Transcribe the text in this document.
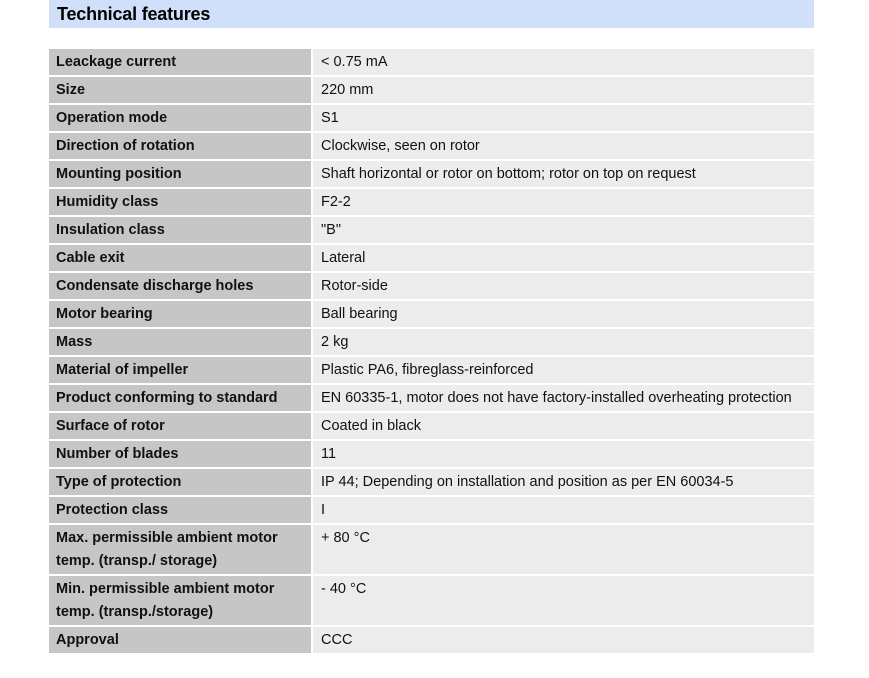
Technical features
Leackage current	< 0.75 mA
Size	220 mm
Operation mode	S1
Direction of rotation	Clockwise, seen on rotor
Mounting position	Shaft horizontal or rotor on bottom; rotor on top on request
Humidity class	F2-2
Insulation class	"B"
Cable exit	Lateral
Condensate discharge holes	Rotor-side
Motor bearing	Ball bearing
Mass	2 kg
Material of impeller	Plastic PA6, fibreglass-reinforced
Product conforming to standard	EN 60335-1, motor does not have factory-installed overheating protection
Surface of rotor	Coated in black
Number of blades	11
Type of protection	IP 44; Depending on installation and position as per EN 60034-5
Protection class	I
Max. permissible ambient motor temp. (transp./ storage)	+ 80 °C
Min. permissible ambient motor temp. (transp./storage)	- 40 °C
Approval	CCC
